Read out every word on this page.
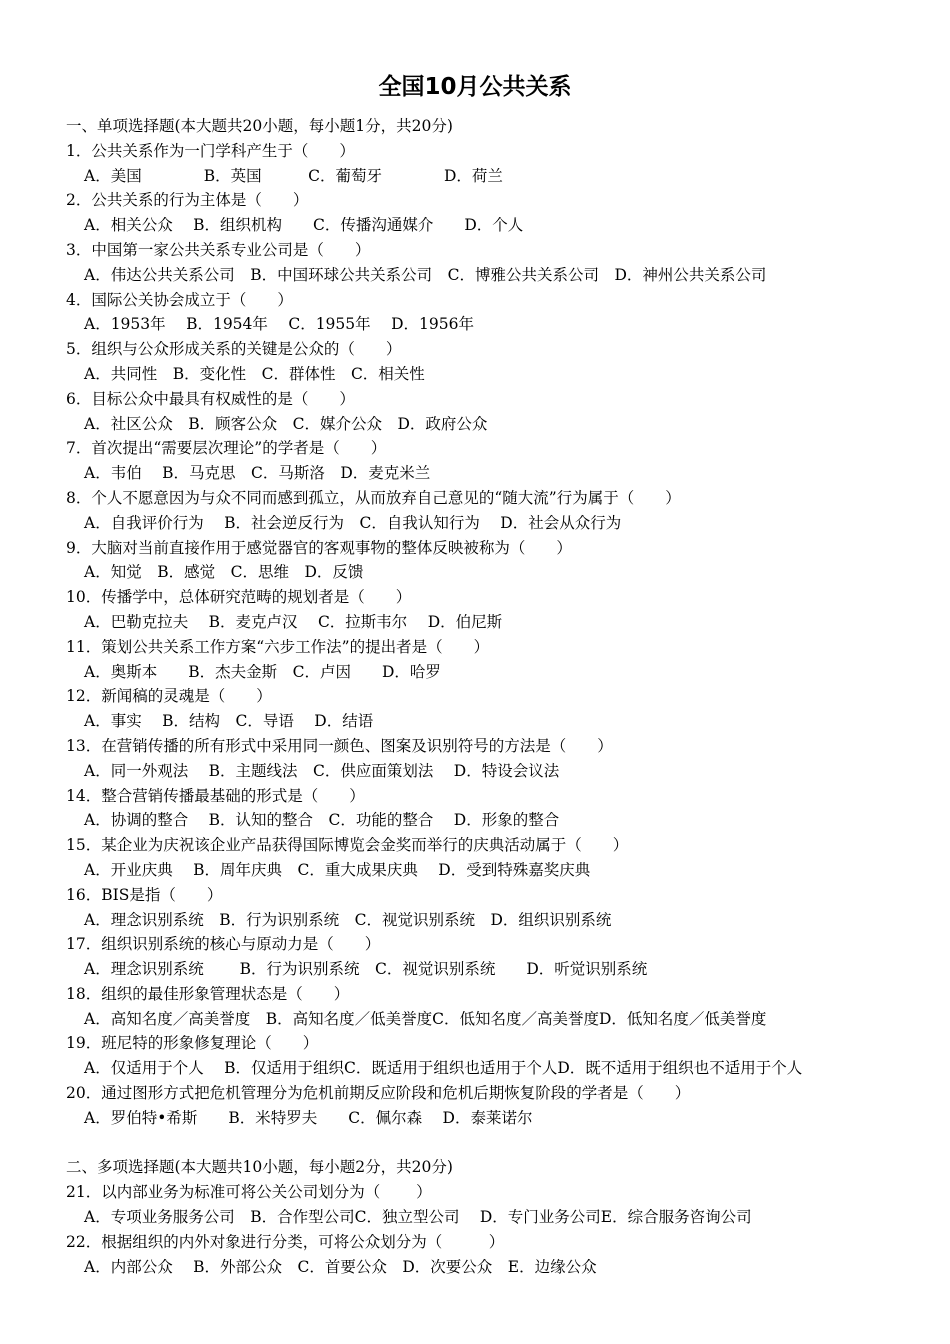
全国10月公共关系
一、单项选择题(本大题共20小题，每小题1分，共20分)
1．公共关系作为一门学科产生于（　　）
A．美国　　　　B．英国　　　C．葡萄牙　　　　D．荷兰
2．公共关系的行为主体是（　　）
A．相关公众　 B．组织机构　　C．传播沟通媒介　　D．个人
3．中国第一家公共关系专业公司是（　　）
A．伟达公共关系公司　B．中国环球公共关系公司　C．博雅公共关系公司　D．神州公共关系公司
4．国际公关协会成立于（　　）
A．1953年　 B．1954年　 C．1955年　 D．1956年
5．组织与公众形成关系的关键是公众的（　　）
A．共同性　B．变化性　C．群体性　C．相关性
6．目标公众中最具有权威性的是（　　）
A．社区公众　B．顾客公众　C．媒介公众　D．政府公众
7．首次提出“需要层次理论”的学者是（　　）
A．韦伯　 B．马克思　C．马斯洛　D．麦克米兰
8．个人不愿意因为与众不同而感到孤立，从而放弃自己意见的“随大流”行为属于（　　）
A．自我评价行为　 B．社会逆反行为　C．自我认知行为　 D．社会从众行为
9．大脑对当前直接作用于感觉器官的客观事物的整体反映被称为（　　）
A．知觉　B．感觉　C．思维　D．反馈
10．传播学中，总体研究范畴的规划者是（　　）
A．巴勒克拉夫　 B．麦克卢汉　 C．拉斯韦尔　 D．伯尼斯
11．策划公共关系工作方案“六步工作法”的提出者是（　　）
A．奥斯本　　B．杰夫金斯　C．卢因　　D．哈罗
12．新闻稿的灵魂是（　　）
A．事实　 B．结构　C．导语　 D．结语
13．在营销传播的所有形式中采用同一颜色、图案及识别符号的方法是（　　）
A．同一外观法　 B．主题线法　C．供应面策划法　 D．特设会议法
14．整合营销传播最基础的形式是（　　）
A．协调的整合　 B．认知的整合　C．功能的整合　 D．形象的整合
15．某企业为庆祝该企业产品获得国际博览会金奖而举行的庆典活动属于（　　）
A．开业庆典　 B．周年庆典　C．重大成果庆典　 D．受到特殊嘉奖庆典
16．BIS是指（　　）
A．理念识别系统　B．行为识别系统　C．视觉识别系统　D．组织识别系统
17．组织识别系统的核心与原动力是（　　）
A．理念识别系统　　 B．行为识别系统　C．视觉识别系统　　D．听觉识别系统
18．组织的最佳形象管理状态是（　　）
A．高知名度／高美誉度　B．高知名度／低美誉度C．低知名度／高美誉度D．低知名度／低美誉度
19．班尼特的形象修复理论（　　）
A．仅适用于个人　 B．仅适用于组织C．既适用于组织也适用于个人D．既不适用于组织也不适用于个人
20．通过图形方式把危机管理分为危机前期反应阶段和危机后期恢复阶段的学者是（　　）
A．罗伯特•希斯　　B．米特罗夫　　C．佩尔森　 D．泰莱诺尔
二、多项选择题(本大题共10小题，每小题2分，共20分)
21．以内部业务为标准可将公关公司划分为（　　 ）
A．专项业务服务公司　B．合作型公司C．独立型公司　 D．专门业务公司E．综合服务咨询公司
22．根据组织的内外对象进行分类，可将公众划分为（　　　）
A．内部公众　 B．外部公众　C．首要公众　D．次要公众　E．边缘公众
